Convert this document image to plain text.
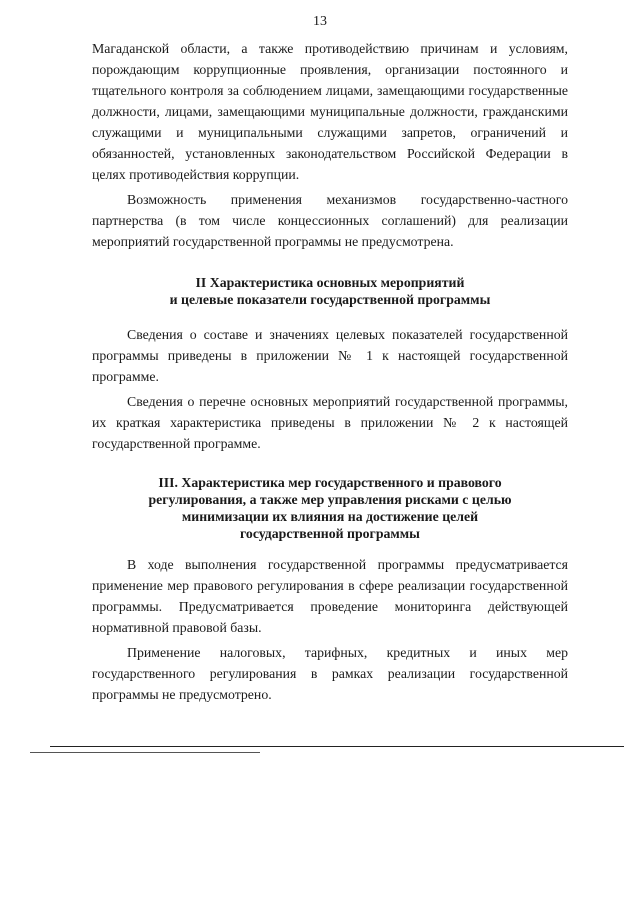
13

Магаданской области, а также противодействию причинам и условиям, порождающим коррупционные проявления, организации постоянного и тщательного контроля за соблюдением лицами, замещающими государственные должности, лицами, замещающими муниципальные должности, гражданскими служащими и муниципальными служащими запретов, ограничений и обязанностей, установленных законодательством Российской Федерации в целях противодействия коррупции.

Возможность применения механизмов государственно-частного партнерства (в том числе концессионных соглашений) для реализации мероприятий государственной программы не предусмотрена.

II Характеристика основных мероприятий
и целевые показатели государственной программы

Сведения о составе и значениях целевых показателей государственной программы приведены в приложении № 1 к настоящей государственной программе.

Сведения о перечне основных мероприятий государственной программы, их краткая характеристика приведены в приложении № 2 к настоящей государственной программе.

III. Характеристика мер государственного и правового
регулирования, а также мер управления рисками с целью
минимизации их влияния на достижение целей
государственной программы

В ходе выполнения государственной программы предусматривается применение мер правового регулирования в сфере реализации государственной программы. Предусматривается проведение мониторинга действующей нормативной правовой базы.

Применение налоговых, тарифных, кредитных и иных мер государственного регулирования в рамках реализации государственной программы не предусмотрено.
